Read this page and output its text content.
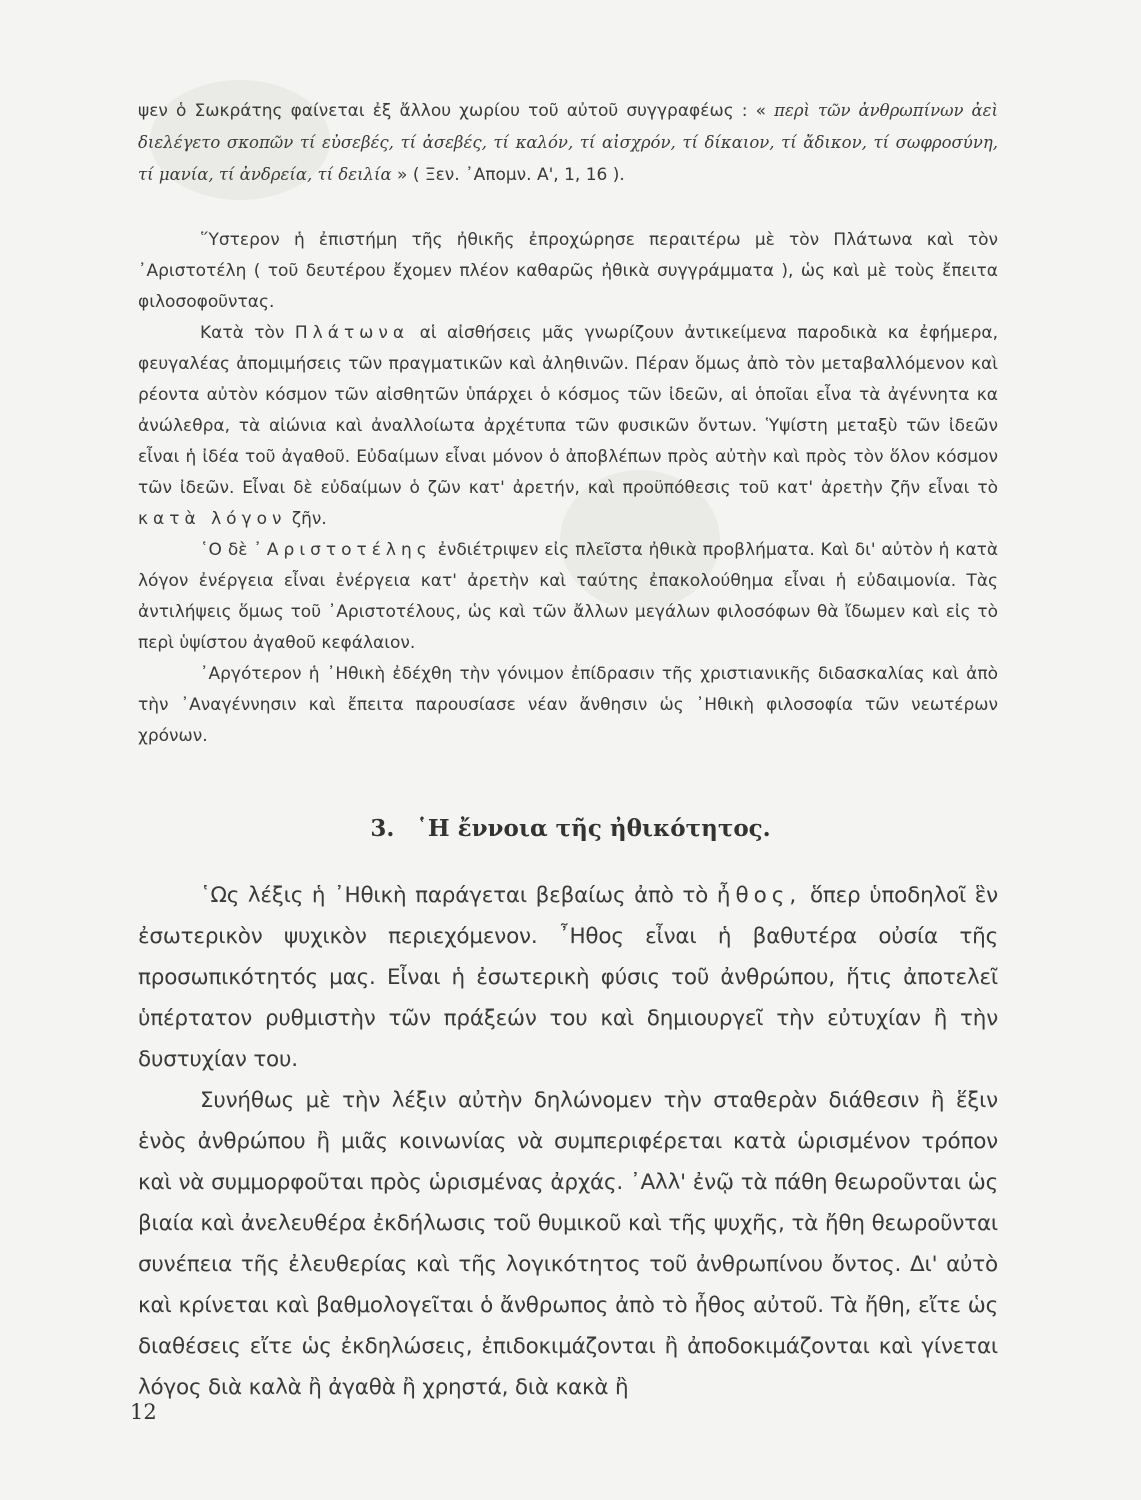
ψεν ὁ Σωκράτης φαίνεται ἐξ ἄλλου χωρίου τοῦ αὐτοῦ συγγραφέως : « περὶ τῶν ἀνθρωπίνων ἀεὶ διελέγετο σκοπῶν τί εὐσεβές, τί ἀσεβές, τί καλόν, τί αἰσχρόν, τί δίκαιον, τί ἄδικον, τί σωφροσύνη, τί μανία, τί ἀνδρεία, τί δειλία » ( Ξεν. ᾿Απομν. Α', 1, 16 ).

῞Υστερον ἡ ἐπιστήμη τῆς ἠθικῆς ἐπροχώρησε περαιτέρω μὲ τὸν Πλάτωνα καὶ τὸν ᾿Αριστοτέλη ( τοῦ δευτέρου ἔχομεν πλέον καθαρῶς ἠθικὰ συγγράμματα ), ὡς καὶ μὲ τοὺς ἔπειτα φιλοσοφοῦντας.

Κατὰ τὸν Πλάτωνα αἱ αἰσθήσεις μᾶς γνωρίζουν ἀντικείμενα παροδικὰ κα ἐφήμερα, φευγαλέας ἀπομιμήσεις τῶν πραγματικῶν καὶ ἀληθινῶν. Πέραν ὅμως ἀπὸ τὸν μεταβαλλόμενον καὶ ρέοντα αὐτὸν κόσμον τῶν αἰσθητῶν ὑπάρχει ὁ κόσμος τῶν ἰδεῶν, αἱ ὁποῖαι εἶνα τὰ ἀγέννητα κα ἀνώλεθρα, τὰ αἰώνια καὶ ἀναλλοίωτα ἀρχέτυπα τῶν φυσικῶν ὄντων. Ὑψίστη μεταξὺ τῶν ἰδεῶν εἶναι ἡ ἰδέα τοῦ ἀγαθοῦ. Εὐδαίμων εἶναι μόνον ὁ ἀποβλέπων πρὸς αὐτὴν καὶ πρὸς τὸν ὅλον κόσμον τῶν ἰδεῶν. Εἶναι δὲ εὐδαίμων ὁ ζῶν κατ' ἀρετήν, καὶ προϋπόθεσις τοῦ κατ' ἀρετὴν ζῆν εἶναι τὸ κατὰ λόγον ζῆν.

῾Ο δὲ ᾿Αριστοτέλης ἐνδιέτριψεν εἰς πλεῖστα ἠθικὰ προβλήματα. Καὶ δι' αὐτὸν ἡ κατὰ λόγον ἐνέργεια εἶναι ἐνέργεια κατ' ἀρετὴν καὶ ταύτης ἐπακολούθημα εἶναι ἡ εὐδαιμονία. Τὰς ἀντιλήψεις ὅμως τοῦ ᾿Αριστοτέλους, ὡς καὶ τῶν ἄλλων μεγάλων φιλοσόφων θὰ ἴδωμεν καὶ εἰς τὸ περὶ ὑψίστου ἀγαθοῦ κεφάλαιον.

᾿Αργότερον ἡ ᾿Ηθικὴ ἐδέχθη τὴν γόνιμον ἐπίδρασιν τῆς χριστιανικῆς διδασκαλίας καὶ ἀπὸ τὴν ᾿Αναγέννησιν καὶ ἔπειτα παρουσίασε νέαν ἄνθησιν ὡς ᾿Ηθικὴ φιλοσοφία τῶν νεωτέρων χρόνων.

3. ῾Η ἔννοια τῆς ἠθικότητος.

῾Ως λέξις ἡ ᾿Ηθικὴ παράγεται βεβαίως ἀπὸ τὸ ἦθος, ὅπερ ὑποδηλοῖ ἓν ἐσωτερικὸν ψυχικὸν περιεχόμενον. ῏Ηθος εἶναι ἡ βαθυτέρα οὐσία τῆς προσωπικότητός μας. Εἶναι ἡ ἐσωτερικὴ φύσις τοῦ ἀνθρώπου, ἥτις ἀποτελεῖ ὑπέρτατον ρυθμιστὴν τῶν πράξεών του καὶ δημιουργεῖ τὴν εὐτυχίαν ἢ τὴν δυστυχίαν του.

Συνήθως μὲ τὴν λέξιν αὐτὴν δηλώνομεν τὴν σταθερὰν διάθεσιν ἢ ἕξιν ἑνὸς ἀνθρώπου ἢ μιᾶς κοινωνίας νὰ συμπεριφέρεται κατὰ ὡρισμένον τρόπον καὶ νὰ συμμορφοῦται πρὸς ὡρισμένας ἀρχάς. ᾿Αλλ' ἐνῷ τὰ πάθη θεωροῦνται ὡς βιαία καὶ ἀνελευθέρα ἐκδήλωσις τοῦ θυμικοῦ καὶ τῆς ψυχῆς, τὰ ἤθη θεωροῦνται συνέπεια τῆς ἐλευθερίας καὶ τῆς λογικότητος τοῦ ἀνθρωπίνου ὄντος. Δι' αὐτὸ καὶ κρίνεται καὶ βαθμολογεῖται ὁ ἄνθρωπος ἀπὸ τὸ ἦθος αὐτοῦ. Τὰ ἤθη, εἴτε ὡς διαθέσεις εἴτε ὡς ἐκδηλώσεις, ἐπιδοκιμάζονται ἢ ἀποδοκιμάζονται καὶ γίνεται λόγος διὰ καλὰ ἢ ἀγαθὰ ἢ χρηστά, διὰ κακὰ ἢ

12
